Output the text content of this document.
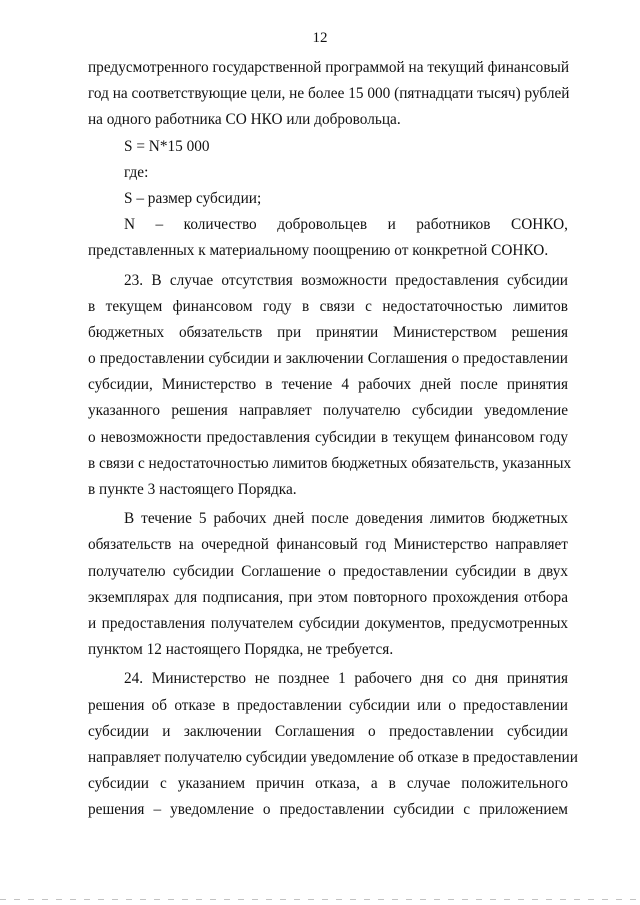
12
предусмотренного государственной программой на текущий финансовый
год на соответствующие цели, не более 15 000 (пятнадцати тысяч) рублей
на одного работника СО НКО или добровольца.
S = N*15 000
где:
S – размер субсидии;
N – количество добровольцев и работников СОНКО,
представленных к материальному поощрению от конкретной СОНКО.
23. В случае отсутствия возможности предоставления субсидии
в текущем финансовом году в связи с недостаточностью лимитов
бюджетных обязательств при принятии Министерством решения
о предоставлении субсидии и заключении Соглашения о предоставлении
субсидии, Министерство в течение 4 рабочих дней после принятия
указанного решения направляет получателю субсидии уведомление
о невозможности предоставления субсидии в текущем финансовом году
в связи с недостаточностью лимитов бюджетных обязательств, указанных
в пункте 3 настоящего Порядка.
В течение 5 рабочих дней после доведения лимитов бюджетных
обязательств на очередной финансовый год Министерство направляет
получателю субсидии Соглашение о предоставлении субсидии в двух
экземплярах для подписания, при этом повторного прохождения отбора
и предоставления получателем субсидии документов, предусмотренных
пунктом 12 настоящего Порядка, не требуется.
24. Министерство не позднее 1 рабочего дня со дня принятия
решения об отказе в предоставлении субсидии или о предоставлении
субсидии и заключении Соглашения о предоставлении субсидии
направляет получателю субсидии уведомление об отказе в предоставлении
субсидии с указанием причин отказа, а в случае положительного
решения – уведомление о предоставлении субсидии с приложением
